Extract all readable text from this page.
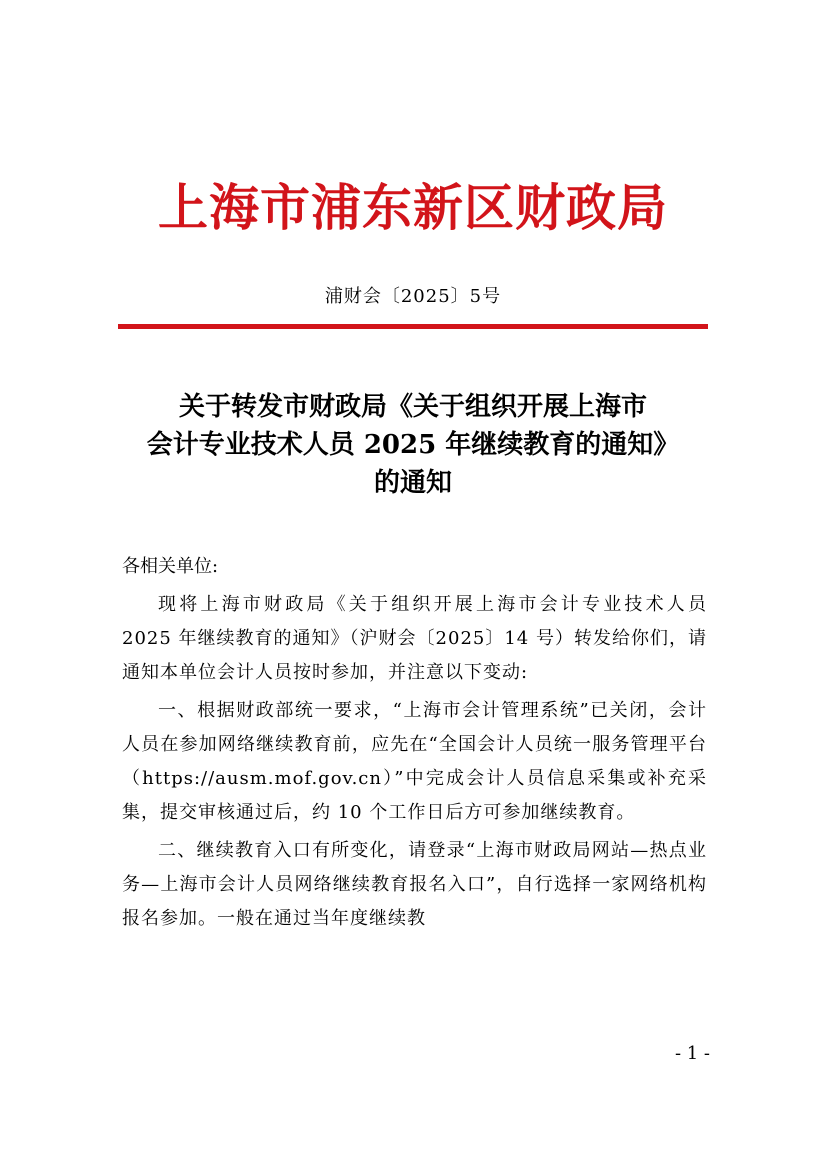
上海市浦东新区财政局
浦财会〔2025〕5号
关于转发市财政局《关于组织开展上海市
会计专业技术人员 2025 年继续教育的通知》
的通知
各相关单位:

现将上海市财政局《关于组织开展上海市会计专业技术人员 2025 年继续教育的通知》（沪财会〔2025〕14 号）转发给你们，请通知本单位会计人员按时参加，并注意以下变动:

一、根据财政部统一要求，“上海市会计管理系统”已关闭，会计人员在参加网络继续教育前，应先在“全国会计人员统一服务管理平台（https://ausm.mof.gov.cn）”中完成会计人员信息采集或补充采集，提交审核通过后，约 10 个工作日后方可参加继续教育。

二、继续教育入口有所变化，请登录“上海市财政局网站—热点业务—上海市会计人员网络继续教育报名入口”，自行选择一家网络机构报名参加。一般在通过当年度继续教

- 1 -
